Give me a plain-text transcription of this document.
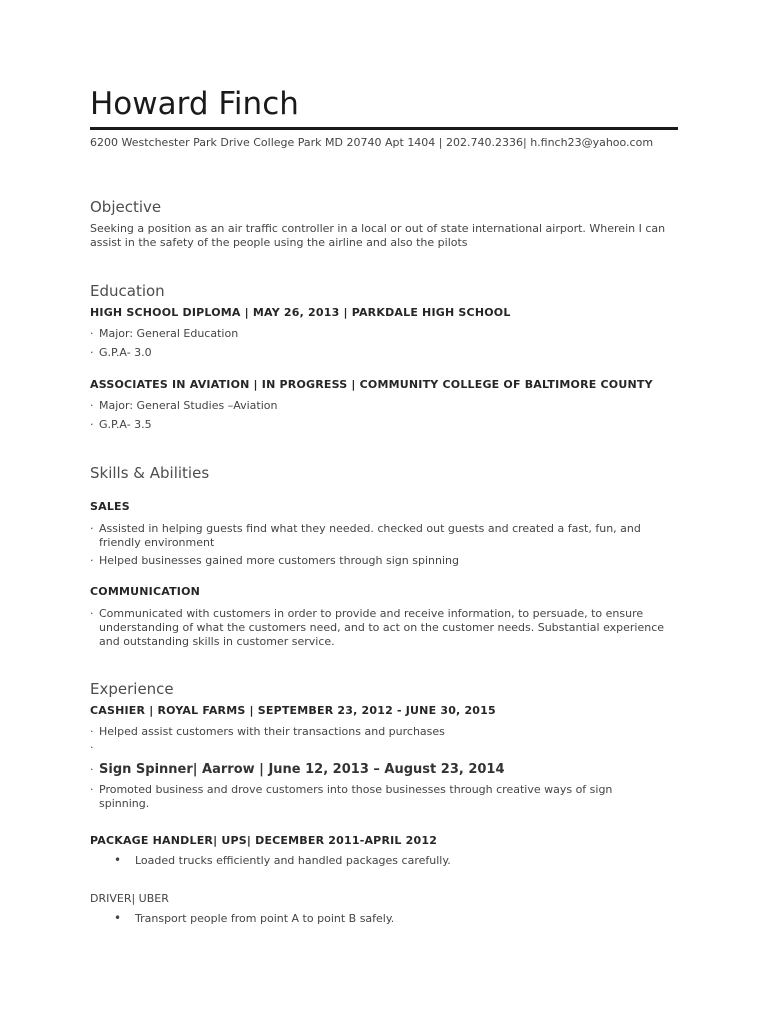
Howard Finch
6200 Westchester Park Drive College Park MD 20740 Apt 1404 | 202.740.2336| h.finch23@yahoo.com
Objective
Seeking a position as an air traffic controller in a local or out of state international airport. Wherein I can assist in the safety of the people using the airline and also the pilots
Education
HIGH SCHOOL DIPLOMA | MAY 26, 2013 | PARKDALE HIGH SCHOOL
· Major: General Education
· G.P.A- 3.0
ASSOCIATES IN AVIATION | IN PROGRESS | COMMUNITY COLLEGE OF BALTIMORE COUNTY
· Major: General Studies –Aviation
· G.P.A- 3.5
Skills & Abilities
SALES
· Assisted in helping guests find what they needed. checked out guests and created a fast, fun, and friendly environment
· Helped businesses gained more customers through sign spinning
COMMUNICATION
· Communicated with customers in order to provide and receive information, to persuade, to ensure understanding of what the customers need, and to act on the customer needs. Substantial experience and outstanding skills in customer service.
Experience
CASHIER | ROYAL FARMS | SEPTEMBER 23, 2012 - JUNE 30, 2015
· Helped assist customers with their transactions and purchases
·
· Sign Spinner| Aarrow | June 12, 2013 – August 23, 2014
· Promoted business and drove customers into those businesses through creative ways of sign spinning.
PACKAGE HANDLER| UPS| DECEMBER 2011-APRIL 2012
• Loaded trucks efficiently and handled packages carefully.
DRIVER| UBER
• Transport people from point A to point B safely.
